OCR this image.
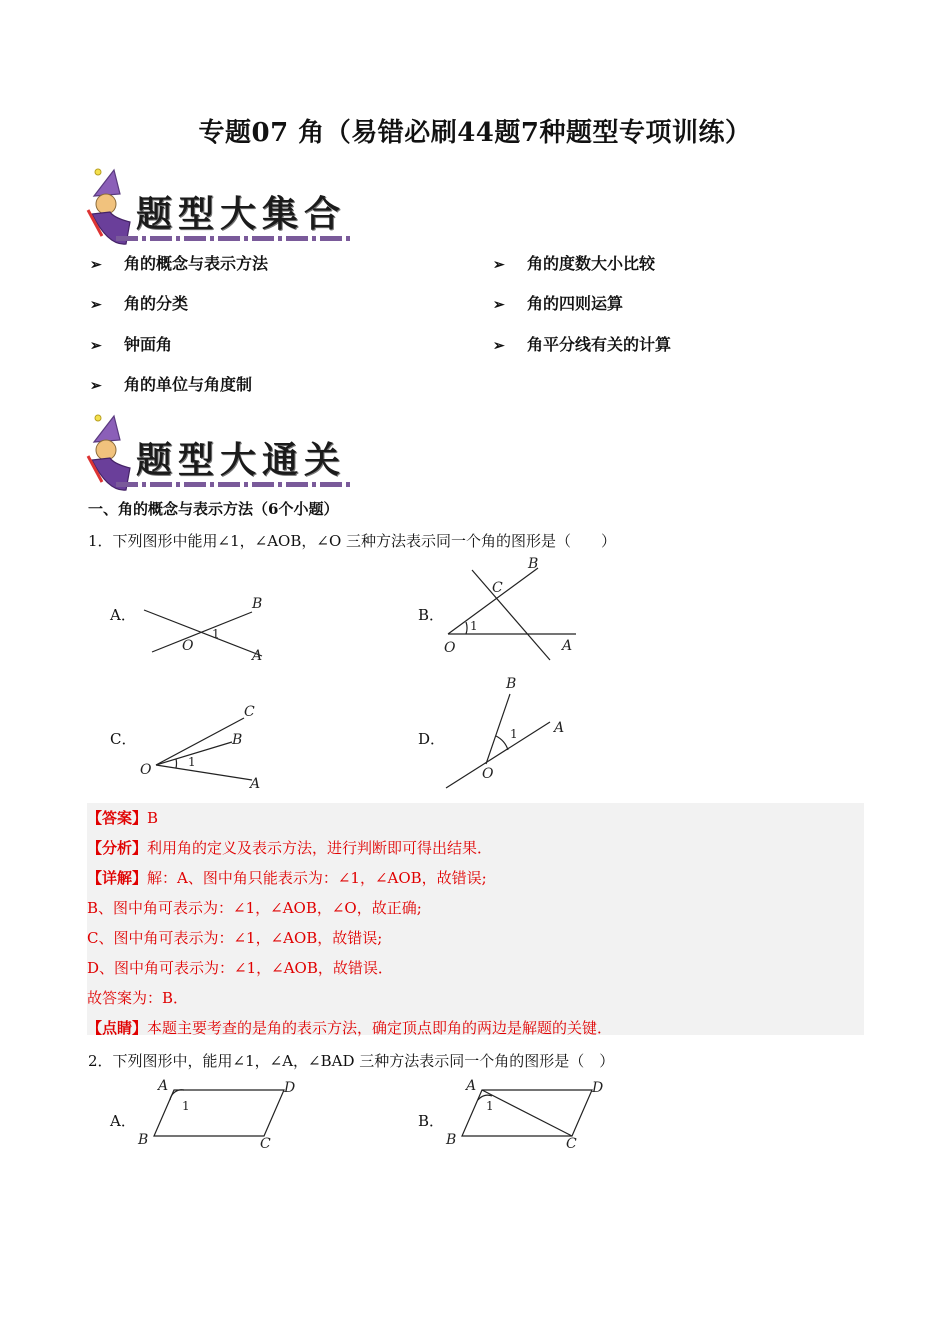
专题07 角（易错必刷44题7种题型专项训练）
题型大集合
➢ 角的概念与表示方法	➢ 角的度数大小比较
➢ 角的分类	➢ 角的四则运算
➢ 钟面角	➢ 角平分线有关的计算
➢ 角的单位与角度制
题型大通关
一、角的概念与表示方法（6个小题）
1．下列图形中能用∠1，∠AOB，∠O 三种方法表示同一个角的图形是（　　）
A．
B
O
1
A
B．
B
C
1
O	A
C．
C
B
O	1
A
D．
B
1	A
O
【答案】B
【分析】利用角的定义及表示方法，进行判断即可得出结果．
【详解】解：A、图中角只能表示为：∠1，∠AOB，故错误;
B、图中角可表示为：∠1，∠AOB，∠O，故正确;
C、图中角可表示为：∠1，∠AOB，故错误;
D、图中角可表示为：∠1，∠AOB，故错误．
故答案为：B．
【点睛】本题主要考查的是角的表示方法，确定顶点即角的两边是解题的关键．
2．下列图形中，能用∠1，∠A，∠BAD 三种方法表示同一个角的图形是（　）
A．
A	D
1
B	C
B．
A	D
1
B	C
